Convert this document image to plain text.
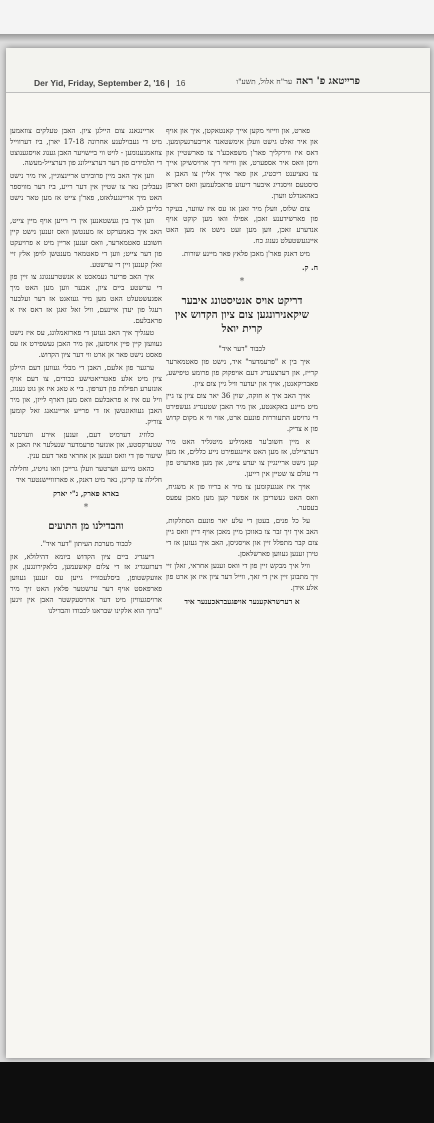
Der Yid, Friday, September 2, '16 | 16	פרייטאג פ' ראהער"ח אלול, תשע"ו

פארט, און ווייזוי מקען אייך קאנטאקטן, איך און אויף און איר זאלט גישט וועלן אימשטאנד אריבערגעקומען. דאס איז ווירקליך פאר'ן משפאכע'ר צו פארשטיין און וויסן וואס איר אספערט, און ווייזוי דיך ארויסשיקן אייך צו נאציענט ריכטיג, און פאר אייך אליין צו האבן א סיסטעם וויסנדיג איבער דיעזע פראבלעמען וואס דארפן באהאנדלט ווערן.

צום שלוס, וועלן מיר זאגן אז עס איז שווער, בעיקר פון פארשידענע זאכן, אפילו וואו מען קוקט אויף אנדערע זאכן, ווען מען זעט נישט אז מען האט איינגעשטעלט גענוג כח.

מיט דאנק פאר'ן מאכן פלאץ פאר מיינע שורות.

ח. ק.
*
דריקט אויס אנטיסטונג איבער שיקאנירונגען צום ציון הקדוש אין קרית יואל

לכבוד "דער איד"

איך בין א "פרעמדער" איד, נישט פון סאטמארער קרייז, און דערצענדיג דעם אויפקוק פון פרומע טיפישע, פאבריקאנטן, אויך און יעדער וויל גיין צום ציון.

אויך האב איך א חזקה, שוין 36 יאר צום ציון צו גיין מיט מיינע באקאנטע, און מיר האבן שטענדיג געשפירט די גרויסע התעוררות פונעם ארט, אזוי ווי א מקום קדוש פון א צדיק.

א מיין חשוב'ער פאמיליע מיטגליד האט מיר דערציילט, אז מען האט איינגעפירט נייע כללים, אז מען קען נישט אריינגיין צו יעדע צייט, און מען פאדערט פון די עולם צו שטיין אין רייען.

אויך איז אנגעקומען צו מיר א בריוו פון א משגיח, וואס האט געשריבן אז אפשר קען מען מאכן עפעס בעסער.

על כל פנים, בעטן די עלע יאר פונעם הסתלקות, האב איך זיך זבר צו באזוכן מיין מאכן אויף דיין וואס גיין צום קבר מתפלל זיין און אויסגיסן, האב איך געזען אז די טירן זענען געווען פארשלאסן.

וויל איך מבקש זיין פון די וואס זענען אחראי, זאלן זיי זיך מתבונן זיין אין די זאך, ווייל דער ציון איז אן ארט פון אלע אידן.

א דערשראקענער אויפגעבראכענער איד

אריינגאנג צום היילגן ציון. האבן טעלקים צוזאמען מיט די געבוילענע אחרונה 17-18 יארן, ביז דערווייל צוזאמגענומען - לויט ווי ביישויער האבן גענוג אויסגענוצט די תלמידים פון דער דערציילונג פון דערצייל-מעשה.

ווען איך האב מיין פרובירט אריינצוגיין, איז מיר נישט געבליבן נאר צו שטיין אין דער רייע, ביז דער מוויספר האט מיך אריינגעלאזט, פאר'ן צייט אז מען טאר נישט בלייבן לאנג.

ווען איך בין געשטאנען אין די רייען אויף מיין צייט, האב איך באמערקט אז מענטשן וואס זענען נישט קיין חשובע סאטמארער, וואס זענען אריין מיט א פרויעקט פון דער צייט; ווען די סאטמאר מענטשן לויפן אלץ זיי זאלן קענען זיין די ערשטע.

איך האב פריער געמאכט א אנשטרענגונג צו זיין פון די ערשטע ביים ציון, אבער ווען מען האט מיך אפגעשטעלט האט מען מיר געזאגט אז דער זעלבער רעגל פון יעדן איינעם, וויל זאל זאגן אז דאס איז א פראבלעם.

טעגליך איך האב געזען די פארזאמלונג, עס איז נישט געוועזן קיין פיין אויסזען, און מיר האבן געשפירט אז עס פאסט נישט פאר אן ארט ווי דער ציון הקדוש.

ערגער פון אלעם, האבן די מבלי געווען דעם היילגן ציון מיט אלע פאטריאטישע כבודים, צו דעם אויף אונזערע תפילות פון דערפון. ביי א טאג איז אן גוט גענוג, וויל עס איז א פראבלעם וואס מען דארף לייזן, און מיר האבן געוואונטשן אז די פרייע אריינגאנג זאל קומען צוריק.

כלוזיג דערמיט דעם, זענען אירע ווערטער שטערקסטע, און אונזער פרעמדער שנעלער איז האבן א שיעור פון די וואס זענען אן אחראי פאר דעם ענין.

כהאט מיינע ווערטער וועלן גרייכן וואו נויטיג, וחלילה חלילה צו קריגן, נאר מיט דאנק, א פארזוויישנטער איד

בארא פארק, נ"י יארק
*
והבדילנו מן התועים

לכבוד מערכת העיתון "דער איד".

דיעגדיג ביים ציון הקדוש ביומא דהילולא, און דערזעגדיג אז די צלום קאשעמען, בלאקירונגען, און אוועקשטופן, ביסלעכווייז גייען עס זענען געווען פארפאסט אויף דער ערשטער פלאץ האט זיך מיר ארויסגעוויזן מיט דער ארויסעקשטר האבן אין זינען "ברוך הוא אלקינו שבראנו לכבודו והבדילנו
